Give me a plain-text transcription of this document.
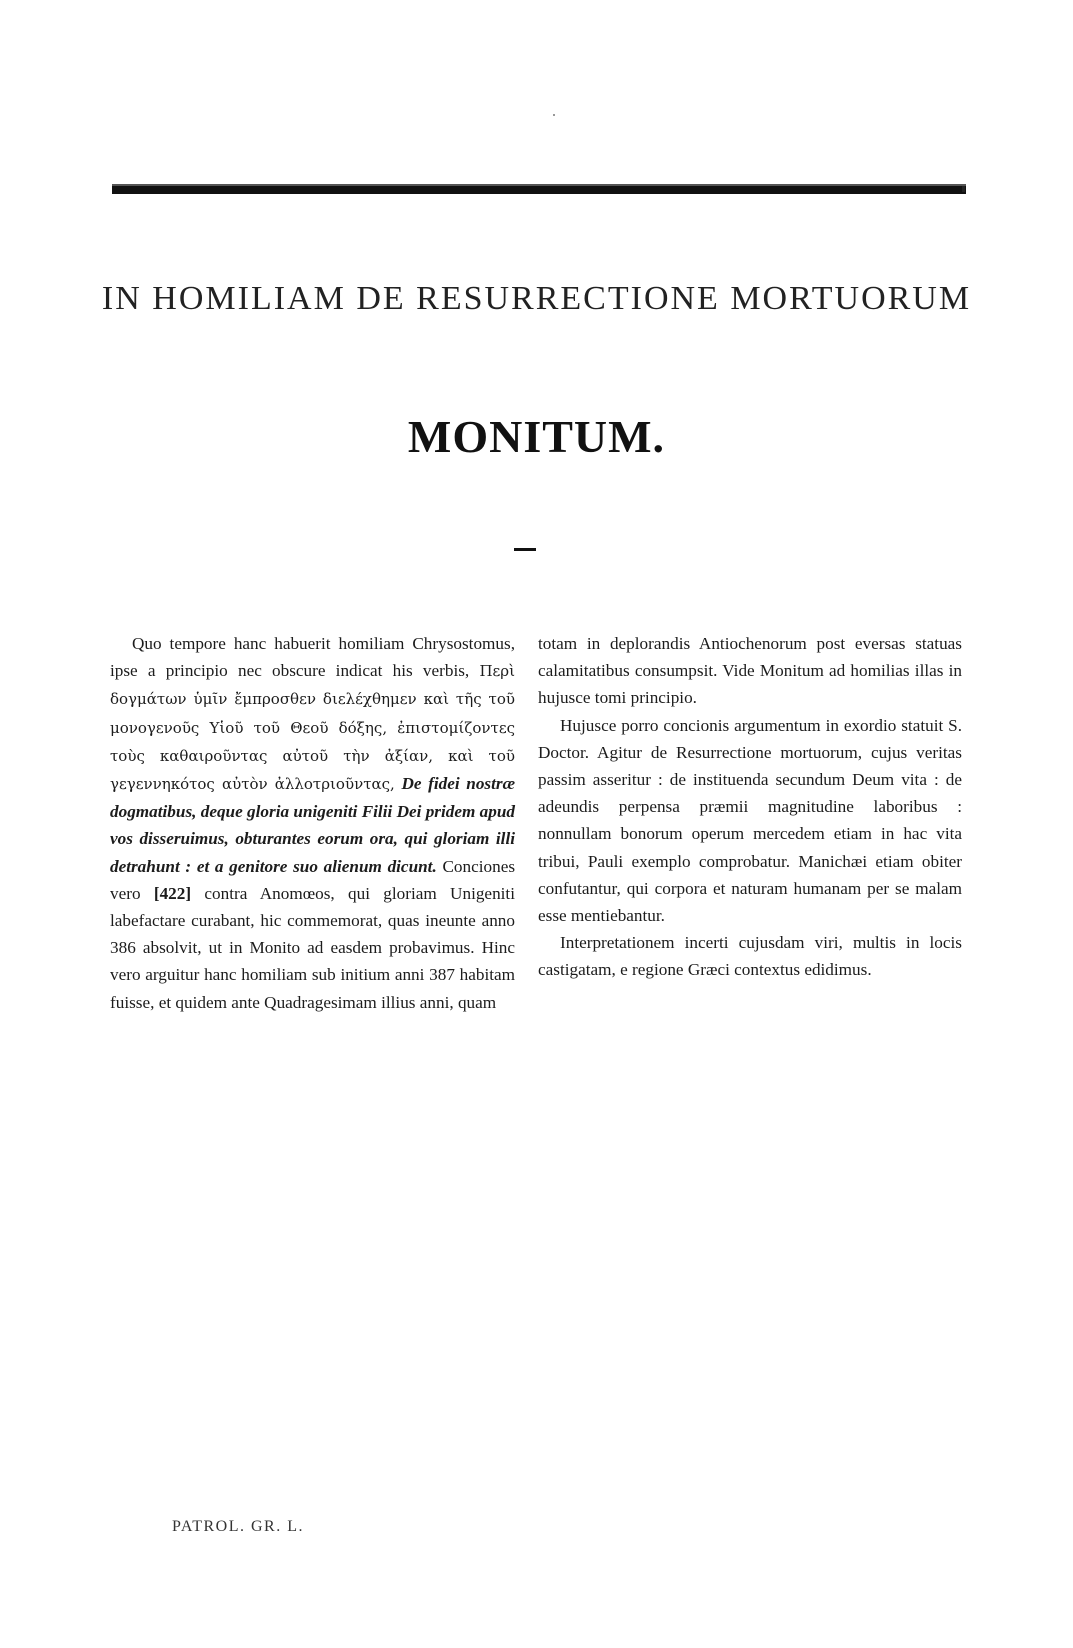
IN HOMILIAM DE RESURRECTIONE MORTUORUM
MONITUM.

Quo tempore hanc habuerit homiliam Chrysostomus, ipse a principio nec obscure indicat his verbis, Περὶ δογμάτων ὑμῖν ἔμπροσθεν διελέχθημεν καὶ τῆς τοῦ μονογενοῦς Υἱοῦ τοῦ Θεοῦ δόξης, ἐπιστομίζοντες τοὺς καθαιροῦντας αὐτοῦ τὴν ἀξίαν, καὶ τοῦ γεγεννηκότος αὐτὸν ἀλλοτριοῦντας, De fidei nostræ dogmatibus, deque gloria unigeniti Filii Dei pridem apud vos disseruimus, obturantes eorum ora, qui gloriam illi detrahunt : et a genitore suo alienum dicunt. Conciones vero [422] contra Anomœos, qui gloriam Unigeniti labefactare curabant, hic commemorat, quas ineunte anno 386 absolvit, ut in Monito ad easdem probavimus. Hinc vero arguitur hanc homiliam sub initium anni 387 habitam fuisse, et quidem ante Quadragesimam illius anni, quam

totam in deplorandis Antiochenorum post eversas statuas calamitatibus consumpsit. Vide Monitum ad homilias illas in hujusce tomi principio.

Hujusce porro concionis argumentum in exordio statuit S. Doctor. Agitur de Resurrectione mortuorum, cujus veritas passim asseritur : de instituenda secundum Deum vita : de adeundis perpensa præmii magnitudine laboribus : nonnullam bonorum operum mercedem etiam in hac vita tribui, Pauli exemplo comprobatur. Manichæi etiam obiter confutantur, qui corpora et naturam humanam per se malam esse mentiebantur.

Interpretationem incerti cujusdam viri, multis in locis castigatam, e regione Græci contextus edidimus.

PATROL. GR. L.
